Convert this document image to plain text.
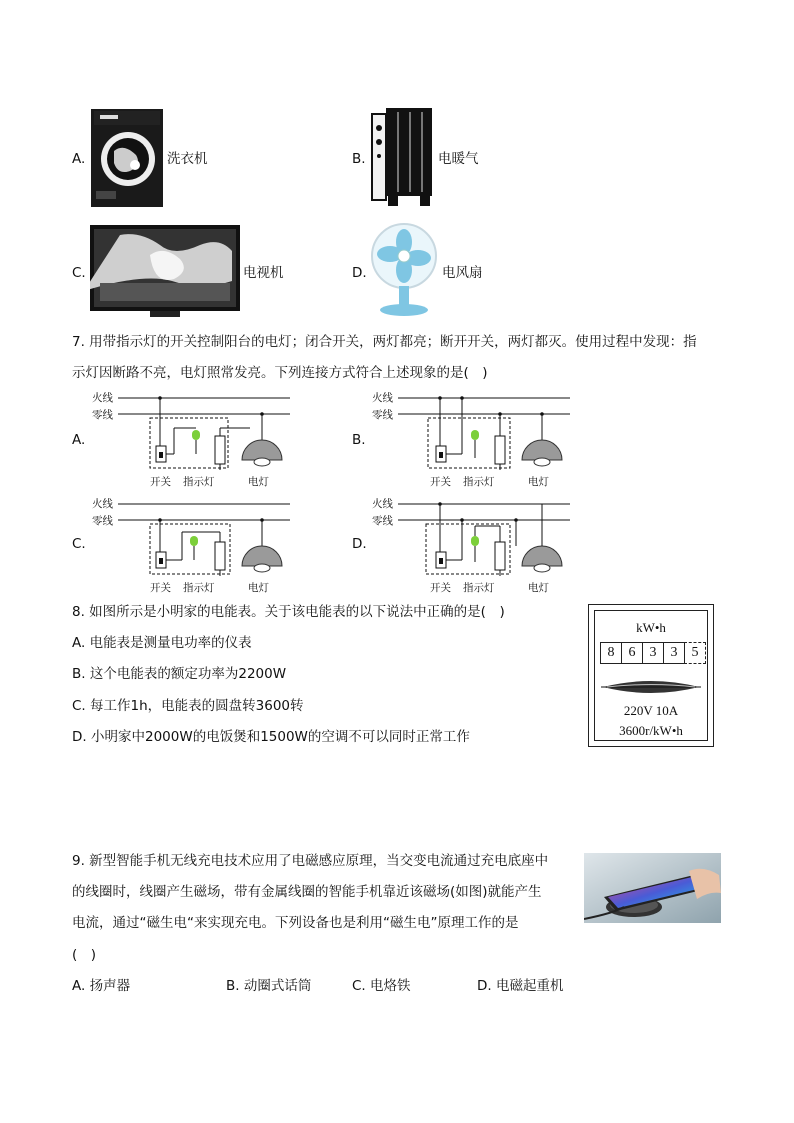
A.	洗衣机	B.	电暖气
C.	电视机	D.	电风扇
7. 用带指示灯的开关控制阳台的电灯；闭合开关，两灯都亮；断开开关，两灯都灭。使用过程中发现：指
示灯因断路不亮，电灯照常发亮。下列连接方式符合上述现象的是(　)
A.
火线
零线
开关 指示灯	电灯
B.
火线
零线
开关 指示灯	电灯
C.
火线
零线
开关 指示灯	电灯
D.
火线
零线
开关 指示灯	电灯
8. 如图所示是小明家的电能表。关于该电能表的以下说法中正确的是(　)
A. 电能表是测量电功率的仪表
B. 这个电能表的额定功率为2200W
C. 每工作1h，电能表的圆盘转3600转
D. 小明家中2000W的电饭煲和1500W的空调不可以同时正常工作
kW•h
8	6	3	3	5
220V 10A
3600r/kW•h
9. 新型智能手机无线充电技术应用了电磁感应原理，当交变电流通过充电底座中
的线圈时，线圈产生磁场，带有金属线圈的智能手机靠近该磁场(如图)就能产生
电流，通过“磁生电“来实现充电。下列设备也是利用“磁生电”原理工作的是
(　)
A. 扬声器	B. 动圈式话筒	C. 电烙铁	D. 电磁起重机
